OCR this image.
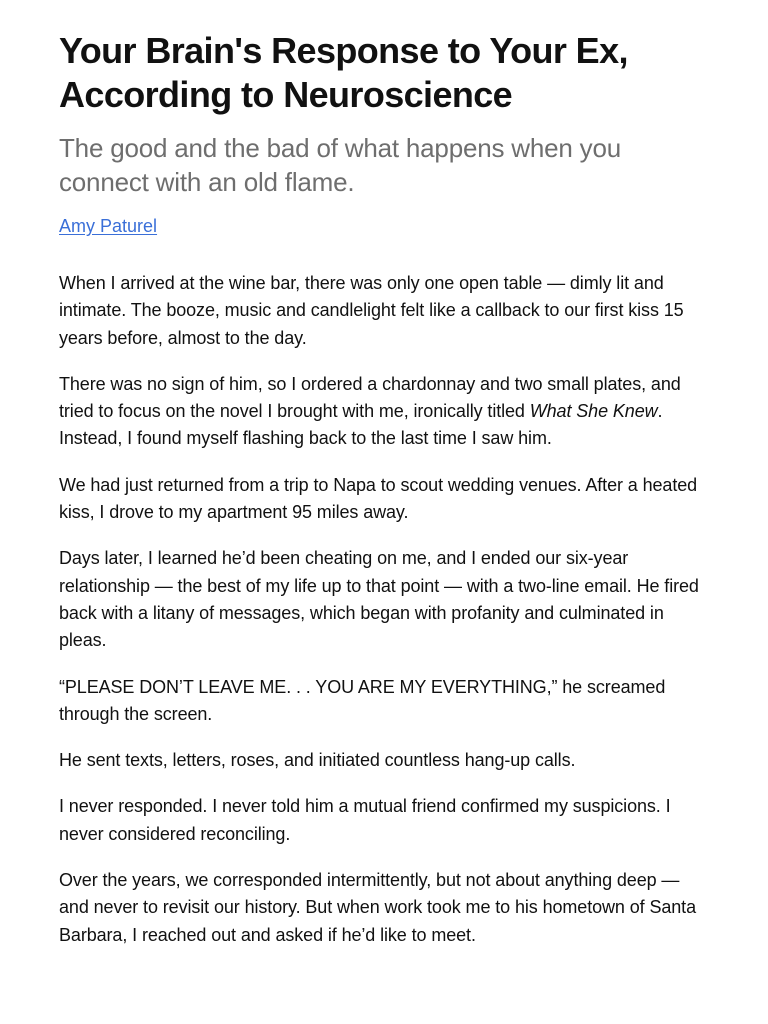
Your Brain's Response to Your Ex, According to Neuroscience
The good and the bad of what happens when you connect with an old flame.
Amy Paturel

When I arrived at the wine bar, there was only one open table — dimly lit and intimate. The booze, music and candlelight felt like a callback to our first kiss 15 years before, almost to the day.

There was no sign of him, so I ordered a chardonnay and two small plates, and tried to focus on the novel I brought with me, ironically titled What She Knew. Instead, I found myself flashing back to the last time I saw him.

We had just returned from a trip to Napa to scout wedding venues. After a heated kiss, I drove to my apartment 95 miles away.

Days later, I learned he’d been cheating on me, and I ended our six-year relationship — the best of my life up to that point — with a two-line email. He fired back with a litany of messages, which began with profanity and culminated in pleas.

“PLEASE DON’T LEAVE ME. . . YOU ARE MY EVERYTHING,” he screamed through the screen.

He sent texts, letters, roses, and initiated countless hang-up calls.

I never responded. I never told him a mutual friend confirmed my suspicions. I never considered reconciling.

Over the years, we corresponded intermittently, but not about anything deep — and never to revisit our history. But when work took me to his hometown of Santa Barbara, I reached out and asked if he’d like to meet.
